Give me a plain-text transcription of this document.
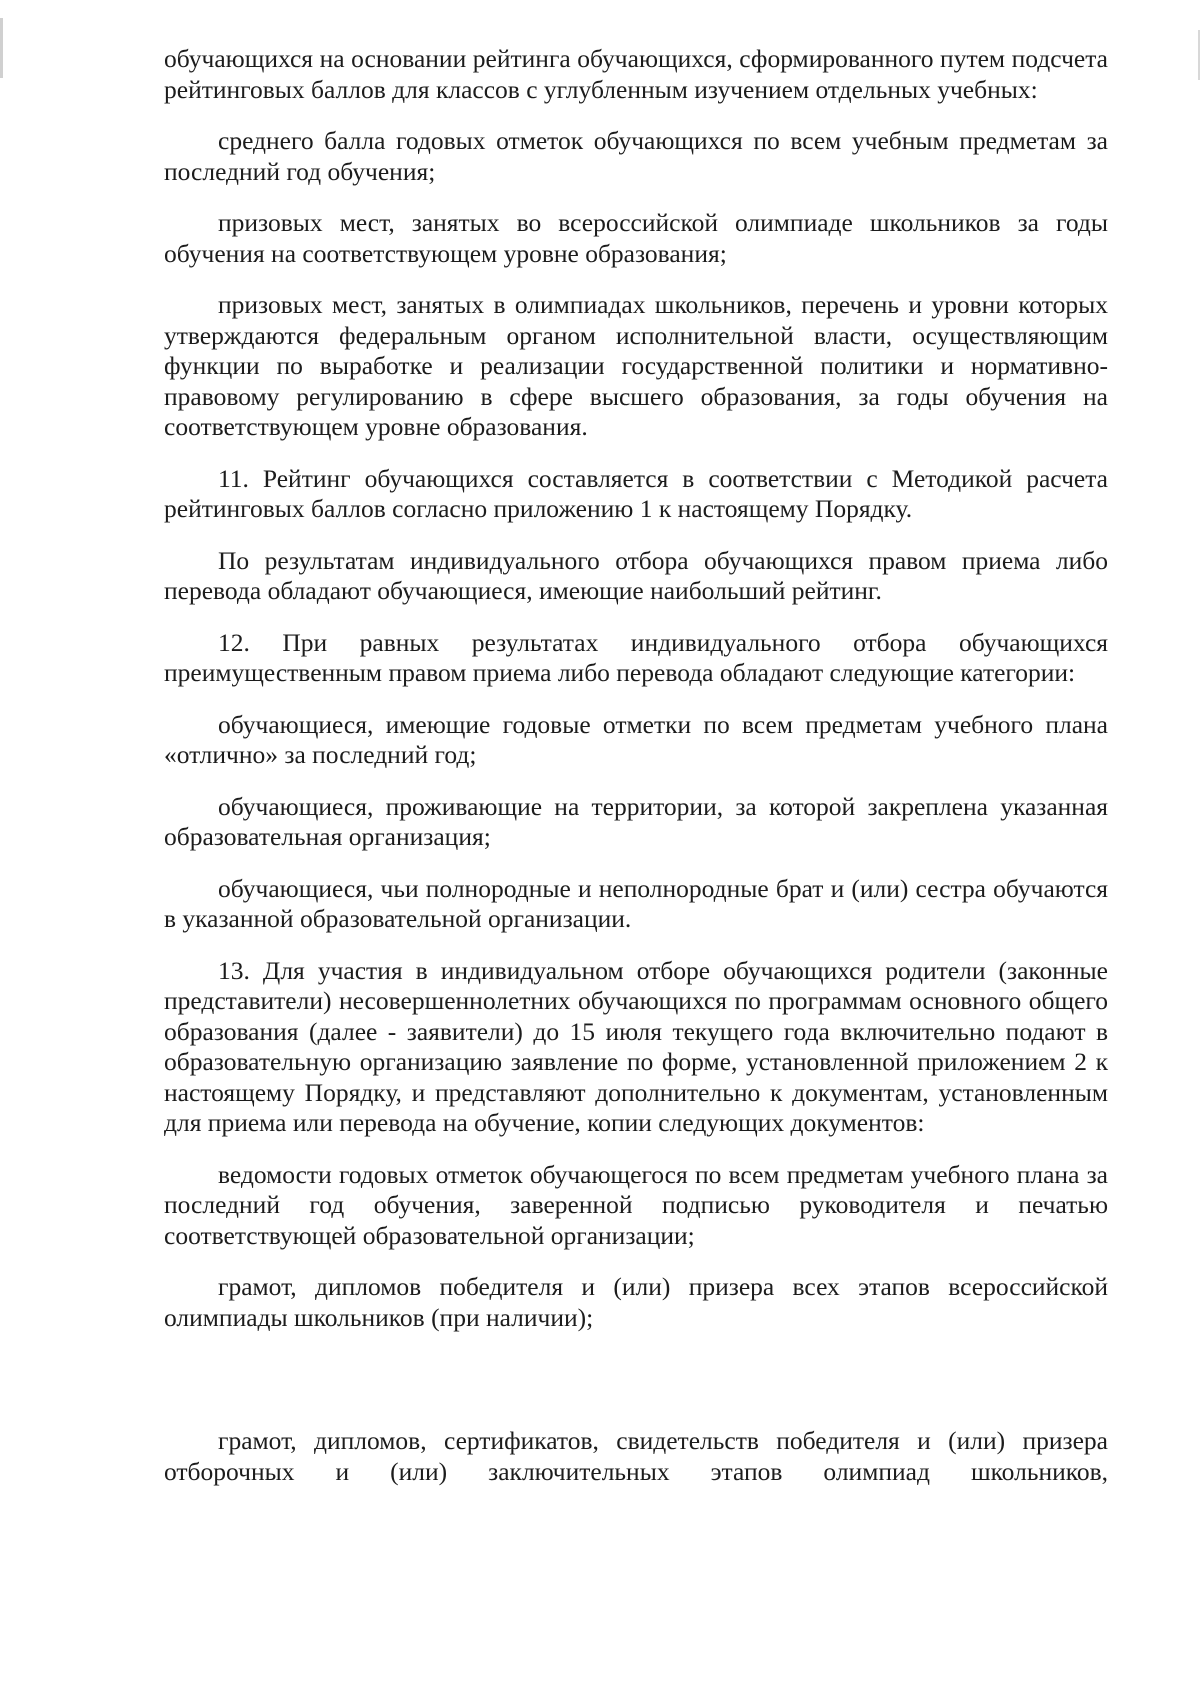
обучающихся на основании рейтинга обучающихся, сформированного путем подсчета рейтинговых баллов для классов с углубленным изучением отдельных учебных:

среднего балла годовых отметок обучающихся по всем учебным предметам за последний год обучения;

призовых мест, занятых во всероссийской олимпиаде школьников за годы обучения на соответствующем уровне образования;

призовых мест, занятых в олимпиадах школьников, перечень и уровни которых утверждаются федеральным органом исполнительной власти, осуществляющим функции по выработке и реализации государственной политики и нормативно-правовому регулированию в сфере высшего образования, за годы обучения на соответствующем уровне образования.

11. Рейтинг обучающихся составляется в соответствии с Методикой расчета рейтинговых баллов согласно приложению 1 к настоящему Порядку.

По результатам индивидуального отбора обучающихся правом приема либо перевода обладают обучающиеся, имеющие наибольший рейтинг.

12. При равных результатах индивидуального отбора обучающихся преимущественным правом приема либо перевода обладают следующие категории:

обучающиеся, имеющие годовые отметки по всем предметам учебного плана «отлично» за последний год;

обучающиеся, проживающие на территории, за которой закреплена указанная образовательная организация;

обучающиеся, чьи полнородные и неполнородные брат и (или) сестра обучаются в указанной образовательной организации.

13. Для участия в индивидуальном отборе обучающихся родители (законные представители) несовершеннолетних обучающихся по программам основного общего образования (далее - заявители) до 15 июля текущего года включительно подают в образовательную организацию заявление по форме, установленной приложением 2 к настоящему Порядку, и представляют дополнительно к документам, установленным для приема или перевода на обучение, копии следующих документов:

ведомости годовых отметок обучающегося по всем предметам учебного плана за последний год обучения, заверенной подписью руководителя и печатью соответствующей образовательной организации;

грамот, дипломов победителя и (или) призера всех этапов всероссийской олимпиады школьников (при наличии);

грамот, дипломов, сертификатов, свидетельств победителя и (или) призера отборочных и (или) заключительных этапов олимпиад школьников,
